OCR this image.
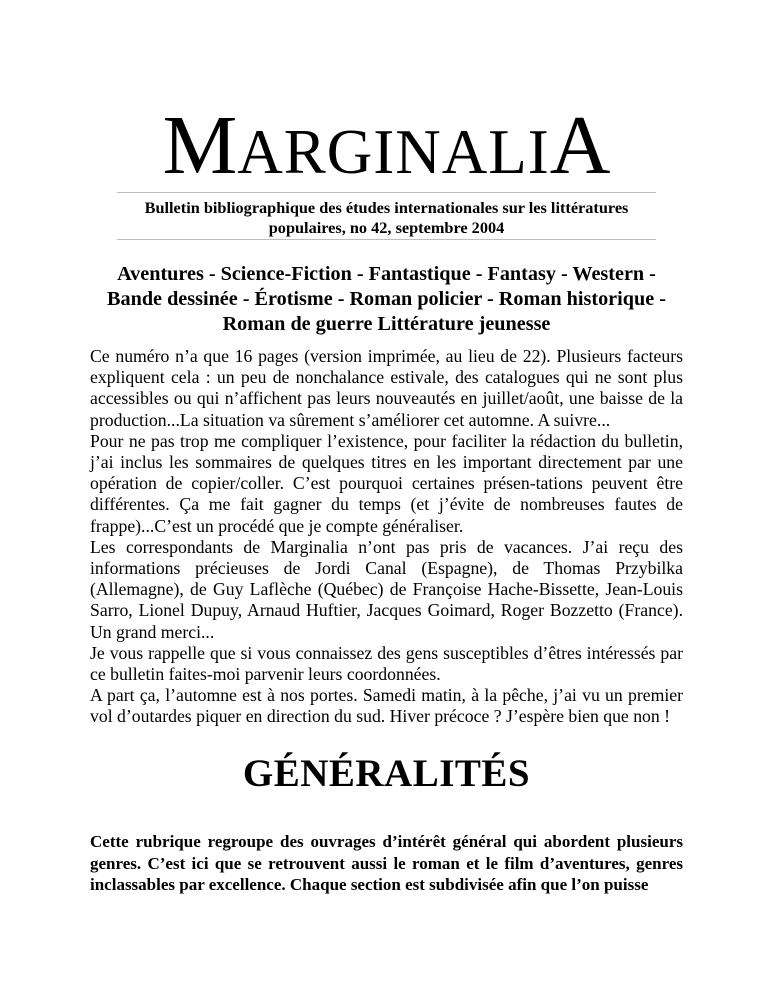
MARGINALIA
Bulletin bibliographique des études internationales sur les littératures
populaires, no 42, septembre 2004
Aventures - Science-Fiction - Fantastique - Fantasy - Western -
Bande dessinée - Érotisme - Roman policier - Roman historique -
Roman de guerre Littérature jeunesse

Ce numéro n’a que 16 pages (version imprimée, au lieu de 22). Plusieurs facteurs expliquent cela : un peu de nonchalance estivale, des catalogues qui ne sont plus accessibles ou qui n’affichent pas leurs nouveautés en juillet/août, une baisse de la production...La situation va sûrement s’améliorer cet automne. A suivre...

Pour ne pas trop me compliquer l’existence, pour faciliter la rédaction du bulletin, j’ai inclus les sommaires de quelques titres en les important directement par une opération de copier/coller. C’est pourquoi certaines présen-tations peuvent être différentes. Ça me fait gagner du temps (et j’évite de nombreuses fautes de frappe)...C’est un procédé que je compte généraliser.

Les correspondants de Marginalia n’ont pas pris de vacances. J’ai reçu des informations précieuses de Jordi Canal (Espagne), de Thomas Przybilka (Allemagne), de Guy Laflèche (Québec) de Françoise Hache-Bissette, Jean-Louis Sarro, Lionel Dupuy, Arnaud Huftier, Jacques Goimard, Roger Bozzetto (France). Un grand merci...

Je vous rappelle que si vous connaissez des gens susceptibles d’êtres intéressés par ce bulletin faites-moi parvenir leurs coordonnées.

A part ça, l’automne est à nos portes. Samedi matin, à la pêche, j’ai vu un premier vol d’outardes piquer en direction du sud. Hiver précoce ? J’espère bien que non !

GÉNÉRALITÉS

Cette rubrique regroupe des ouvrages d’intérêt général qui abordent plusieurs genres. C’est ici que se retrouvent aussi le roman et le film d’aventures, genres inclassables par excellence. Chaque section est subdivisée afin que l’on puisse
